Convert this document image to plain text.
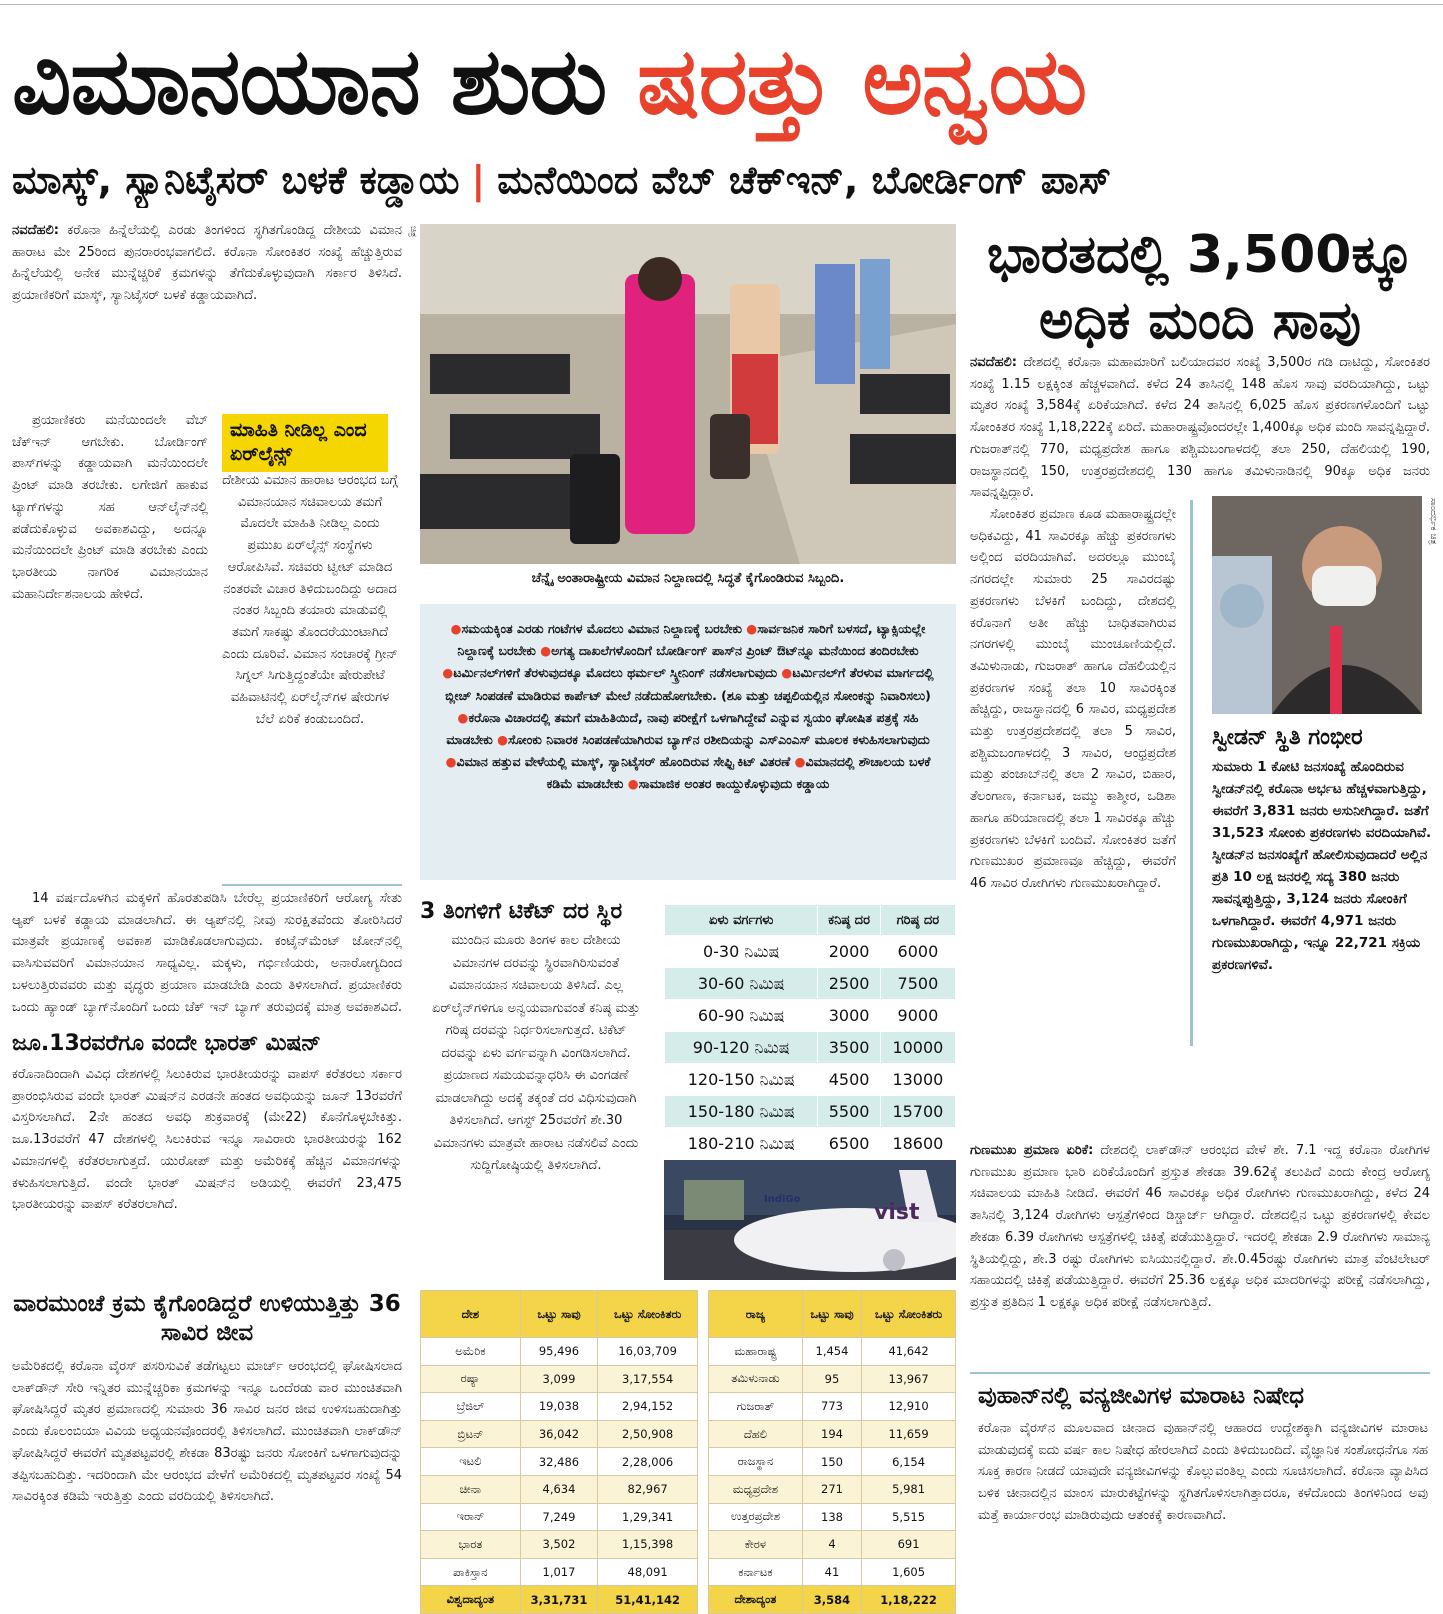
ವಿಮಾನಯಾನ ಶುರು ಷರತ್ತು ಅನ್ವಯ
ಮಾಸ್ಕ್, ಸ್ಯಾನಿಟೈಸರ್ ಬಳಕೆ ಕಡ್ಡಾಯ | ಮನೆಯಿಂದ ವೆಬ್ ಚೆಕ್ಇನ್, ಬೋರ್ಡಿಂಗ್ ಪಾಸ್

ನವದೆಹಲಿ: ಕರೊನಾ ಹಿನ್ನೆಲೆಯಲ್ಲಿ ಎರಡು ತಿಂಗಳಿಂದ ಸ್ಥಗಿತಗೊಂಡಿದ್ದ ದೇಶೀಯ ವಿಮಾನ ಹಾರಾಟ ಮೇ 25ರಿಂದ ಪುನರಾರಂಭವಾಗಲಿದೆ. ಕರೊನಾ ಸೋಂಕಿತರ ಸಂಖ್ಯೆ ಹೆಚ್ಚುತ್ತಿರುವ ಹಿನ್ನೆಲೆಯಲ್ಲಿ ಅನೇಕ ಮುನ್ನೆಚ್ಚರಿಕೆ ಕ್ರಮಗಳನ್ನು ತೆಗೆದುಕೊಳ್ಳುವುದಾಗಿ ಸರ್ಕಾರ ತಿಳಿಸಿದೆ. ಪ್ರಯಾಣಿಕರಿಗೆ ಮಾಸ್ಕ್, ಸ್ಯಾನಿಟೈಸರ್ ಬಳಕೆ ಕಡ್ಡಾಯವಾಗಿದೆ.

ಪ್ರಯಾಣಿಕರು ಮನೆಯಿಂದಲೇ ವೆಬ್ ಚೆಕ್ಇನ್ ಆಗಬೇಕು. ಬೋರ್ಡಿಂಗ್ ಪಾಸ್‌ಗಳನ್ನು ಕಡ್ಡಾಯವಾಗಿ ಮನೆಯಿಂದಲೇ ಪ್ರಿಂಟ್ ಮಾಡಿ ತರಬೇಕು. ಲಗೇಜಿಗೆ ಹಾಕುವ ಟ್ಯಾಗ್‌ಗಳನ್ನು ಸಹ ಆನ್‌ಲೈನ್‌ನಲ್ಲಿ ಪಡೆದುಕೊಳ್ಳುವ ಅವಕಾಶವಿದ್ದು, ಅದನ್ನೂ ಮನೆಯಿಂದಲೇ ಪ್ರಿಂಟ್ ಮಾಡಿ ತರಬೇಕು ಎಂದು ಭಾರತೀಯ ನಾಗರಿಕ ವಿಮಾನಯಾನ ಮಹಾನಿರ್ದೇಶನಾಲಯ ಹೇಳಿದೆ.

14 ವರ್ಷದೊಳಗಿನ ಮಕ್ಕಳಿಗೆ ಹೊರತುಪಡಿಸಿ ಬೇರೆಲ್ಲ ಪ್ರಯಾಣಿಕರಿಗೆ ಆರೋಗ್ಯ ಸೇತು ಆ್ಯಪ್ ಬಳಕೆ ಕಡ್ಡಾಯ ಮಾಡಲಾಗಿದೆ. ಈ ಆ್ಯಪ್‌ನಲ್ಲಿ ನೀವು ಸುರಕ್ಷಿತವೆಂದು ತೋರಿಸಿದರೆ ಮಾತ್ರವೇ ಪ್ರಯಾಣಕ್ಕೆ ಅವಕಾಶ ಮಾಡಿಕೊಡಲಾಗುವುದು. ಕಂಟೈನ್‌ಮೆಂಟ್ ಜೋನ್‌ನಲ್ಲಿ ವಾಸಿಸುವವರಿಗೆ ವಿಮಾನಯಾನ ಸಾಧ್ಯವಿಲ್ಲ. ಮಕ್ಕಳು, ಗರ್ಭಿಣಿಯರು, ಅನಾರೋಗ್ಯದಿಂದ ಬಳಲುತ್ತಿರುವವರು ಮತ್ತು ವೃದ್ಧರು ಪ್ರಯಾಣ ಮಾಡಬೇಡಿ ಎಂದು ತಿಳಿಸಲಾಗಿದೆ. ಪ್ರಯಾಣಿಕರು ಒಂದು ಹ್ಯಾಂಡ್ ಬ್ಯಾಗ್‌ನೊಂದಿಗೆ ಒಂದು ಚೆಕ್ ಇನ್ ಬ್ಯಾಗ್ ತರುವುದಕ್ಕೆ ಮಾತ್ರ ಅವಕಾಶವಿದೆ.

ಮಾಹಿತಿ ನೀಡಿಲ್ಲ ಎಂದ ಏರ್‌ಲೈನ್ಸ್
ದೇಶೀಯ ವಿಮಾನ ಹಾರಾಟ ಆರಂಭದ ಬಗ್ಗೆ ವಿಮಾನಯಾನ ಸಚಿವಾಲಯ ತಮಗೆ ಮೊದಲೇ ಮಾಹಿತಿ ನೀಡಿಲ್ಲ ಎಂದು ಪ್ರಮುಖ ಏರ್‌ಲೈನ್ಸ್ ಸಂಸ್ಥೆಗಳು ಆರೋಪಿಸಿವೆ. ಸಚಿವರು ಟ್ವೀಟ್ ಮಾಡಿದ ನಂತರವೇ ವಿಚಾರ ತಿಳಿದುಬಂದಿದ್ದು ಅದಾದ ನಂತರ ಸಿಬ್ಬಂದಿ ತಯಾರು ಮಾಡುವಲ್ಲಿ ತಮಗೆ ಸಾಕಷ್ಟು ತೊಂದರೆಯುಂಟಾಗಿದೆ ಎಂದು ದೂರಿವೆ. ವಿಮಾನ ಸಂಚಾರಕ್ಕೆ ಗ್ರೀನ್ ಸಿಗ್ನಲ್ ಸಿಗುತ್ತಿದ್ದಂತೆಯೇ ಷೇರುಪೇಟೆ ವಹಿವಾಟಿನಲ್ಲಿ ಏರ್‌ಲೈನ್‌ಗಳ ಷೇರುಗಳ ಬೆಲೆ ಏರಿಕೆ ಕಂಡುಬಂದಿದೆ.
ಜೂ.13ರವರೆಗೂ ವಂದೇ ಭಾರತ್ ಮಿಷನ್
ಕರೊನಾದಿಂದಾಗಿ ವಿವಿಧ ದೇಶಗಳಲ್ಲಿ ಸಿಲುಕಿರುವ ಭಾರತೀಯರನ್ನು ವಾಪಸ್ ಕರೆತರಲು ಸರ್ಕಾರ ಪ್ರಾರಂಭಿಸಿರುವ ವಂದೇ ಭಾರತ್ ಮಿಷನ್‌ನ ಎರಡನೇ ಹಂತದ ಅವಧಿಯನ್ನು ಜೂನ್ 13ರವರೆಗೆ ವಿಸ್ತರಿಸಲಾಗಿದೆ. 2ನೇ ಹಂತದ ಅವಧಿ ಶುಕ್ರವಾರಕ್ಕೆ (ಮೇ22) ಕೊನೆಗೊಳ್ಳಬೇಕಿತ್ತು. ಜೂ.13ರವರೆಗೆ 47 ದೇಶಗಳಲ್ಲಿ ಸಿಲುಕಿರುವ ಇನ್ನೂ ಸಾವಿರಾರು ಭಾರತೀಯರನ್ನು 162 ವಿಮಾನಗಳಲ್ಲಿ ಕರೆತರಲಾಗುತ್ತದೆ. ಯುರೋಪ್ ಮತ್ತು ಅಮೆರಿಕಕ್ಕೆ ಹೆಚ್ಚಿನ ವಿಮಾನಗಳನ್ನು ಕಳುಹಿಸಲಾಗುತ್ತಿದೆ. ವಂದೇ ಭಾರತ್ ಮಿಷನ್‌ನ ಅಡಿಯಲ್ಲಿ ಈವರೆಗೆ 23,475 ಭಾರತೀಯರನ್ನು ವಾಪಸ್ ಕರೆತರಲಾಗಿದೆ.
ವಾರಮುಂಚೆ ಕ್ರಮ ಕೈಗೊಂಡಿದ್ದರೆ ಉಳಿಯುತ್ತಿತ್ತು 36 ಸಾವಿರ ಜೀವ
ಅಮೆರಿಕದಲ್ಲಿ ಕರೊನಾ ವೈರಸ್ ಪಸರಿಸುವಿಕೆ ತಡೆಗಟ್ಟಲು ಮಾರ್ಚ್ ಆರಂಭದಲ್ಲಿ ಘೋಷಿಸಲಾದ ಲಾಕ್‌ಡೌನ್ ಸೇರಿ ಇನ್ನಿತರ ಮುನ್ನೆಚ್ಚರಿಕಾ ಕ್ರಮಗಳನ್ನು ಇನ್ನೂ ಒಂದೆರಡು ವಾರ ಮುಂಚಿತವಾಗಿ ಘೋಷಿಸಿದ್ದರೆ ಮೃತರ ಪ್ರಮಾಣದಲ್ಲಿ ಸುಮಾರು 36 ಸಾವಿರ ಜನರ ಜೀವ ಉಳಿಸಬಹುದಾಗಿತ್ತು ಎಂದು ಕೊಲಂಬಿಯಾ ವಿವಿಯ ಅಧ್ಯಯನವೊಂದರಲ್ಲಿ ತಿಳಿಸಲಾಗಿದೆ. ಮುಂಚಿತವಾಗಿ ಲಾಕ್‌ಡೌನ್ ಘೋಷಿಸಿದ್ದರೆ ಈವರೆಗೆ ಮೃತಪಟ್ಟವರಲ್ಲಿ ಶೇಕಡಾ 83ರಷ್ಟು ಜನರು ಸೋಂಕಿಗೆ ಒಳಗಾಗುವುದನ್ನು ತಪ್ಪಿಸಬಹುದಿತ್ತು. ಇದರಿಂದಾಗಿ ಮೇ ಆರಂಭದ ವೇಳೆಗೆ ಅಮೆರಿಕದಲ್ಲಿ ಮೃತಪಟ್ಟವರ ಸಂಖ್ಯೆ 54 ಸಾವಿರಕ್ಕಿಂತ ಕಡಿಮೆ ಇರುತ್ತಿತ್ತು ಎಂದು ವರದಿಯಲ್ಲಿ ತಿಳಿಸಲಾಗಿದೆ.
ಚೆನ್ನೈ ಅಂತಾರಾಷ್ಟ್ರೀಯ ವಿಮಾನ ನಿಲ್ದಾಣದಲ್ಲಿ ಸಿದ್ಧತೆ ಕೈಗೊಂಡಿರುವ ಸಿಬ್ಬಂದಿ.
ಚಿತ್ರ
●ಸಮಯಕ್ಕಿಂತ ಎರಡು ಗಂಟೆಗಳ ಮೊದಲು ವಿಮಾನ ನಿಲ್ದಾಣಕ್ಕೆ ಬರಬೇಕು ●ಸಾರ್ವಜನಿಕ ಸಾರಿಗೆ ಬಳಸದೆ, ಟ್ಯಾಕ್ಸಿಯಲ್ಲೇ ನಿಲ್ದಾಣಕ್ಕೆ ಬರಬೇಕು ●ಅಗತ್ಯ ದಾಖಲೆಗಳೊಂದಿಗೆ ಬೋರ್ಡಿಂಗ್ ಪಾಸ್‌ನ ಪ್ರಿಂಟ್ ಔಟ್‌ನ್ನೂ ಮನೆಯಿಂದ ತಂದಿರಬೇಕು ●ಟರ್ಮಿನಲ್‌ಗಳಿಗೆ ತೆರಳುವುದಕ್ಕೂ ಮೊದಲು ಥರ್ಮಲ್ ಸ್ಕ್ರೀನಿಂಗ್ ನಡೆಸಲಾಗುವುದು ●ಟರ್ಮಿನಲ್‌ಗೆ ತೆರಳುವ ಮಾರ್ಗದಲ್ಲಿ ಬ್ಲೀಚ್ ಸಿಂಪಡಣೆ ಮಾಡಿರುವ ಕಾರ್ಪೆಟ್ ಮೇಲೆ ನಡೆದುಹೋಗಬೇಕು. (ಶೂ ಮತ್ತು ಚಪ್ಪಲಿಯಲ್ಲಿನ ಸೋಂಕನ್ನು ನಿವಾರಿಸಲು) ●ಕರೊನಾ ವಿಚಾರದಲ್ಲಿ ತಮಗೆ ಮಾಹಿತಿಯಿದೆ, ನಾವು ಪರೀಕ್ಷೆಗೆ ಒಳಗಾಗಿದ್ದೇವೆ ಎನ್ನುವ ಸ್ವಯಂ ಘೋಷಿತ ಪತ್ರಕ್ಕೆ ಸಹಿ ಮಾಡಬೇಕು ●ಸೋಂಕು ನಿವಾರಕ ಸಿಂಪಡಣೆಯಾಗಿರುವ ಬ್ಯಾಗ್‌ನ ರಶೀದಿಯನ್ನು ಎಸ್ಎಂಎಸ್ ಮೂಲಕ ಕಳುಹಿಸಲಾಗುವುದು ●ವಿಮಾನ ಹತ್ತುವ ವೇಳೆಯಲ್ಲಿ ಮಾಸ್ಕ್, ಸ್ಯಾನಿಟೈಸರ್ ಹೊಂದಿರುವ ಸೇಫ್ಟಿ ಕಿಟ್ ವಿತರಣೆ ●ವಿಮಾನದಲ್ಲಿ ಶೌಚಾಲಯ ಬಳಕೆ ಕಡಿಮೆ ಮಾಡಬೇಕು ●ಸಾಮಾಜಿಕ ಅಂತರ ಕಾಯ್ದುಕೊಳ್ಳುವುದು ಕಡ್ಡಾಯ
3 ತಿಂಗಳಿಗೆ ಟಿಕೆಟ್ ದರ ಸ್ಥಿರ
ಮುಂದಿನ ಮೂರು ತಿಂಗಳ ಕಾಲ ದೇಶೀಯ ವಿಮಾನಗಳ ದರವನ್ನು ಸ್ಥಿರವಾಗಿರಿಸುವಂತೆ ವಿಮಾನಯಾನ ಸಚಿವಾಲಯ ತಿಳಿಸಿದೆ. ಎಲ್ಲ ಏರ್‌ಲೈನ್‌ಗಳಿಗೂ ಅನ್ವಯವಾಗುವಂತೆ ಕನಿಷ್ಠ ಮತ್ತು ಗರಿಷ್ಠ ದರವನ್ನು ನಿರ್ಧರಿಸಲಾಗುತ್ತದೆ. ಟಿಕೆಟ್ ದರವನ್ನು ಏಳು ವರ್ಗವನ್ನಾಗಿ ವಿಂಗಡಿಸಲಾಗಿದೆ. ಪ್ರಯಾಣದ ಸಮಯವನ್ನಾಧರಿಸಿ ಈ ವಿಂಗಡಣೆ ಮಾಡಲಾಗಿದ್ದು ಅದಕ್ಕೆ ತಕ್ಕಂತೆ ದರ ವಿಧಿಸುವುದಾಗಿ ತಿಳಿಸಲಾಗಿದೆ. ಆಗಸ್ಟ್ 25ರವರೆಗೆ ಶೇ.30 ವಿಮಾನಗಳು ಮಾತ್ರವೇ ಹಾರಾಟ ನಡೆಸಲಿವೆ ಎಂದು ಸುದ್ದಿಗೋಷ್ಠಿಯಲ್ಲಿ ತಿಳಿಸಲಾಗಿದೆ.
ಏಳು ವರ್ಗಗಳು	ಕನಿಷ್ಠ ದರ	ಗರಿಷ್ಠ ದರ
0-30 ನಿಮಿಷ	2000	6000
30-60 ನಿಮಿಷ	2500	7500
60-90 ನಿಮಿಷ	3000	9000
90-120 ನಿಮಿಷ	3500	10000
120-150 ನಿಮಿಷ	4500	13000
150-180 ನಿಮಿಷ	5500	15700
180-210 ನಿಮಿಷ	6500	18600
vist
IndiGo
ದೇಶ	ಒಟ್ಟು ಸಾವು	ಒಟ್ಟು ಸೋಂಕಿತರು
ಅಮೆರಿಕ	95,496	16,03,709
ರಷ್ಯಾ	3,099	3,17,554
ಬ್ರೆಜಿಲ್	19,038	2,94,152
ಬ್ರಿಟನ್	36,042	2,50,908
ಇಟಲಿ	32,486	2,28,006
ಚೀನಾ	4,634	82,967
ಇರಾನ್	7,249	1,29,341
ಭಾರತ	3,502	1,15,398
ಪಾಕಿಸ್ತಾನ	1,017	48,091
ವಿಶ್ವದಾದ್ಯಂತ	3,31,731	51,41,142
ರಾಜ್ಯ	ಒಟ್ಟು ಸಾವು	ಒಟ್ಟು ಸೋಂಕಿತರು
ಮಹಾರಾಷ್ಟ್ರ	1,454	41,642
ತಮಿಳುನಾಡು	95	13,967
ಗುಜರಾತ್	773	12,910
ದೆಹಲಿ	194	11,659
ರಾಜಸ್ಥಾನ	150	6,154
ಮಧ್ಯಪ್ರದೇಶ	271	5,981
ಉತ್ತರಪ್ರದೇಶ	138	5,515
ಕೇರಳ	4	691
ಕರ್ನಾಟಕ	41	1,605
ದೇಶಾದ್ಯಂತ	3,584	1,18,222
ಭಾರತದಲ್ಲಿ 3,500ಕ್ಕೂ ಅಧಿಕ ಮಂದಿ ಸಾವು

ನವದೆಹಲಿ: ದೇಶದಲ್ಲಿ ಕರೊನಾ ಮಹಾಮಾರಿಗೆ ಬಲಿಯಾದವರ ಸಂಖ್ಯೆ 3,500ರ ಗಡಿ ದಾಟಿದ್ದು, ಸೋಂಕಿತರ ಸಂಖ್ಯೆ 1.15 ಲಕ್ಷಕ್ಕಿಂತ ಹೆಚ್ಚಳವಾಗಿದೆ. ಕಳೆದ 24 ತಾಸಿನಲ್ಲಿ 148 ಹೊಸ ಸಾವು ವರದಿಯಾಗಿದ್ದು, ಒಟ್ಟು ಮೃತರ ಸಂಖ್ಯೆ 3,584ಕ್ಕೆ ಏರಿಕೆಯಾಗಿದೆ. ಕಳೆದ 24 ತಾಸಿನಲ್ಲಿ 6,025 ಹೊಸ ಪ್ರಕರಣಗಳೊಂದಿಗೆ ಒಟ್ಟು ಸೋಂಕಿತರ ಸಂಖ್ಯೆ 1,18,222ಕ್ಕೆ ಏರಿದೆ. ಮಹಾರಾಷ್ಟ್ರವೊಂದರಲ್ಲೇ 1,400ಕ್ಕೂ ಅಧಿಕ ಮಂದಿ ಸಾವನ್ನಪ್ಪಿದ್ದಾರೆ. ಗುಜರಾತ್‌ನಲ್ಲಿ 770, ಮಧ್ಯಪ್ರದೇಶ ಹಾಗೂ ಪಶ್ಚಿಮಬಂಗಾಳದಲ್ಲಿ ತಲಾ 250, ದೆಹಲಿಯಲ್ಲಿ 190, ರಾಜಸ್ಥಾನದಲ್ಲಿ 150, ಉತ್ತರಪ್ರದೇಶದಲ್ಲಿ 130 ಹಾಗೂ ತಮಿಳುನಾಡಿನಲ್ಲಿ 90ಕ್ಕೂ ಅಧಿಕ ಜನರು ಸಾವನ್ನಪ್ಪಿದ್ದಾರೆ.

ಸೋಂಕಿತರ ಪ್ರಮಾಣ ಕೂಡ ಮಹಾರಾಷ್ಟ್ರದಲ್ಲೇ ಅಧಿಕವಿದ್ದು, 41 ಸಾವಿರಕ್ಕೂ ಹೆಚ್ಚು ಪ್ರಕರಣಗಳು ಅಲ್ಲಿಂದ ವರದಿಯಾಗಿವೆ. ಅದರಲ್ಲೂ ಮುಂಬೈ ನಗರದಲ್ಲೇ ಸುಮಾರು 25 ಸಾವಿರದಷ್ಟು ಪ್ರಕರಣಗಳು ಬೆಳಕಿಗೆ ಬಂದಿದ್ದು, ದೇಶದಲ್ಲಿ ಕರೊನಾಗೆ ಅತೀ ಹೆಚ್ಚು ಬಾಧಿತವಾಗಿರುವ ನಗರಗಳಲ್ಲಿ ಮುಂಬೈ ಮುಂಚೂಣಿಯಲ್ಲಿದೆ. ತಮಿಳುನಾಡು, ಗುಜರಾತ್ ಹಾಗೂ ದೆಹಲಿಯಲ್ಲಿನ ಪ್ರಕರಣಗಳ ಸಂಖ್ಯೆ ತಲಾ 10 ಸಾವಿರಕ್ಕಿಂತ ಹೆಚ್ಚಿದ್ದು, ರಾಜಸ್ಥಾನದಲ್ಲಿ 6 ಸಾವಿರ, ಮಧ್ಯಪ್ರದೇಶ ಮತ್ತು ಉತ್ತರಪ್ರದೇಶದಲ್ಲಿ ತಲಾ 5 ಸಾವಿರ, ಪಶ್ಚಿಮಬಂಗಾಳದಲ್ಲಿ 3 ಸಾವಿರ, ಆಂಧ್ರಪ್ರದೇಶ ಮತ್ತು ಪಂಜಾಬ್‌ನಲ್ಲಿ ತಲಾ 2 ಸಾವಿರ, ಬಿಹಾರ, ತೆಲಂಗಾಣ, ಕರ್ನಾಟಕ, ಜಮ್ಮು ಕಾಶ್ಮೀರ, ಒಡಿಶಾ ಹಾಗೂ ಹರಿಯಾಣದಲ್ಲಿ ತಲಾ 1 ಸಾವಿರಕ್ಕೂ ಹೆಚ್ಚು ಪ್ರಕರಣಗಳು ಬೆಳಕಿಗೆ ಬಂದಿವೆ. ಸೋಂಕಿತರ ಜತೆಗೆ ಗುಣಮುಖರ ಪ್ರಮಾಣವೂ ಹೆಚ್ಚಿದ್ದು, ಈವರೆಗೆ 46 ಸಾವಿರ ರೋಗಿಗಳು ಗುಣಮುಖರಾಗಿದ್ದಾರೆ.

ಸಾಂದರ್ಭಿಕ ಚಿತ್ರ
ಸ್ವೀಡನ್ ಸ್ಥಿತಿ ಗಂಭೀರ
ಸುಮಾರು 1 ಕೋಟಿ ಜನಸಂಖ್ಯೆ ಹೊಂದಿರುವ ಸ್ವೀಡನ್‌ನಲ್ಲಿ ಕರೊನಾ ಅರ್ಭಟ ಹೆಚ್ಚಳವಾಗುತ್ತಿದ್ದು, ಈವರೆಗೆ 3,831 ಜನರು ಅಸುನೀಗಿದ್ದಾರೆ. ಜತೆಗೆ 31,523 ಸೋಂಕು ಪ್ರಕರಣಗಳು ವರದಿಯಾಗಿವೆ. ಸ್ವೀಡನ್‌ನ ಜನಸಂಖ್ಯೆಗೆ ಹೋಲಿಸುವುದಾದರೆ ಅಲ್ಲಿನ ಪ್ರತಿ 10 ಲಕ್ಷ ಜನರಲ್ಲಿ ಸದ್ಯ 380 ಜನರು ಸಾವನ್ನಪ್ಪುತ್ತಿದ್ದು, 3,124 ಜನರು ಸೋಂಕಿಗೆ ಒಳಗಾಗಿದ್ದಾರೆ. ಈವರೆಗೆ 4,971 ಜನರು ಗುಣಮುಖರಾಗಿದ್ದು, ಇನ್ನೂ 22,721 ಸಕ್ರಿಯ ಪ್ರಕರಣಗಳಿವೆ.

ಗುಣಮುಖ ಪ್ರಮಾಣ ಏರಿಕೆ: ದೇಶದಲ್ಲಿ ಲಾಕ್‌ಡೌನ್ ಆರಂಭದ ವೇಳೆ ಶೇ. 7.1 ಇದ್ದ ಕರೊನಾ ರೋಗಿಗಳ ಗುಣಮುಖ ಪ್ರಮಾಣ ಭಾರಿ ಏರಿಕೆಯೊಂದಿಗೆ ಪ್ರಸ್ತುತ ಶೇಕಡಾ 39.62ಕ್ಕೆ ತಲುಪಿದೆ ಎಂದು ಕೇಂದ್ರ ಆರೋಗ್ಯ ಸಚಿವಾಲಯ ಮಾಹಿತಿ ನೀಡಿದೆ. ಈವರೆಗೆ 46 ಸಾವಿರಕ್ಕೂ ಅಧಿಕ ರೋಗಿಗಳು ಗುಣಮುಖರಾಗಿದ್ದು, ಕಳೆದ 24 ತಾಸಿನಲ್ಲಿ 3,124 ರೋಗಿಗಳು ಆಸ್ಪತ್ರೆಗಳಿಂದ ಡಿಸ್ಚಾರ್ಜ್ ಆಗಿದ್ದಾರೆ. ದೇಶದಲ್ಲಿನ ಒಟ್ಟು ಪ್ರಕರಣಗಳಲ್ಲಿ ಕೇವಲ ಶೇಕಡಾ 6.39 ರೋಗಿಗಳು ಆಸ್ಪತ್ರೆಗಳಲ್ಲಿ ಚಿಕಿತ್ಸೆ ಪಡೆಯುತ್ತಿದ್ದಾರೆ. ಇದರಲ್ಲಿ ಶೇಕಡಾ 2.9 ರೋಗಿಗಳು ಸಾಮಾನ್ಯ ಸ್ಥಿತಿಯಲ್ಲಿದ್ದು, ಶೇ.3 ರಷ್ಟು ರೋಗಿಗಳು ಐಸಿಯುನಲ್ಲಿದ್ದಾರೆ. ಶೇ.0.45ರಷ್ಟು ರೋಗಿಗಳು ಮಾತ್ರ ವೆಂಟಿಲೇಟರ್ ಸಹಾಯದಲ್ಲಿ ಚಿಕಿತ್ಸೆ ಪಡೆಯುತ್ತಿದ್ದಾರೆ. ಈವರೆಗೆ 25.36 ಲಕ್ಷಕ್ಕೂ ಅಧಿಕ ಮಾದರಿಗಳನ್ನು ಪರೀಕ್ಷೆ ನಡೆಸಲಾಗಿದ್ದು, ಪ್ರಸ್ತುತ ಪ್ರತಿದಿನ 1 ಲಕ್ಷಕ್ಕೂ ಅಧಿಕ ಪರೀಕ್ಷೆ ನಡೆಸಲಾಗುತ್ತಿದೆ.

ವುಹಾನ್‌ನಲ್ಲಿ ವನ್ಯಜೀವಿಗಳ ಮಾರಾಟ ನಿಷೇಧ
ಕರೊನಾ ವೈರಸ್‌ನ ಮೂಲವಾದ ಚೀನಾದ ವುಹಾನ್‌ನಲ್ಲಿ ಆಹಾರದ ಉದ್ದೇಶಕ್ಕಾಗಿ ವನ್ಯಜೀವಿಗಳ ಮಾರಾಟ ಮಾಡುವುದಕ್ಕೆ ಐದು ವರ್ಷ ಕಾಲ ನಿಷೇಧ ಹೇರಲಾಗಿದೆ ಎಂದು ತಿಳಿದುಬಂದಿದೆ. ವೈಜ್ಞಾನಿಕ ಸಂಶೋಧನೆಗೂ ಸಹ ಸೂಕ್ತ ಕಾರಣ ನೀಡದೆ ಯಾವುದೇ ವನ್ಯಜೀವಿಗಳನ್ನು ಕೊಲ್ಲುವಂತಿಲ್ಲ ಎಂದು ಸೂಚಿಸಲಾಗಿದೆ. ಕರೊನಾ ವ್ಯಾಪಿಸಿದ ಬಳಿಕ ಚೀನಾದಲ್ಲಿನ ಮಾಂಸ ಮಾರುಕಟ್ಟೆಗಳನ್ನು ಸ್ಥಗಿತಗೊಳಿಸಲಾಗಿತ್ತಾದರೂ, ಕಳೆದೊಂದು ತಿಂಗಳಿನಿಂದ ಅವು ಮತ್ತೆ ಕಾರ್ಯಾರಂಭ ಮಾಡಿರುವುದು ಆತಂಕಕ್ಕೆ ಕಾರಣವಾಗಿದೆ.
